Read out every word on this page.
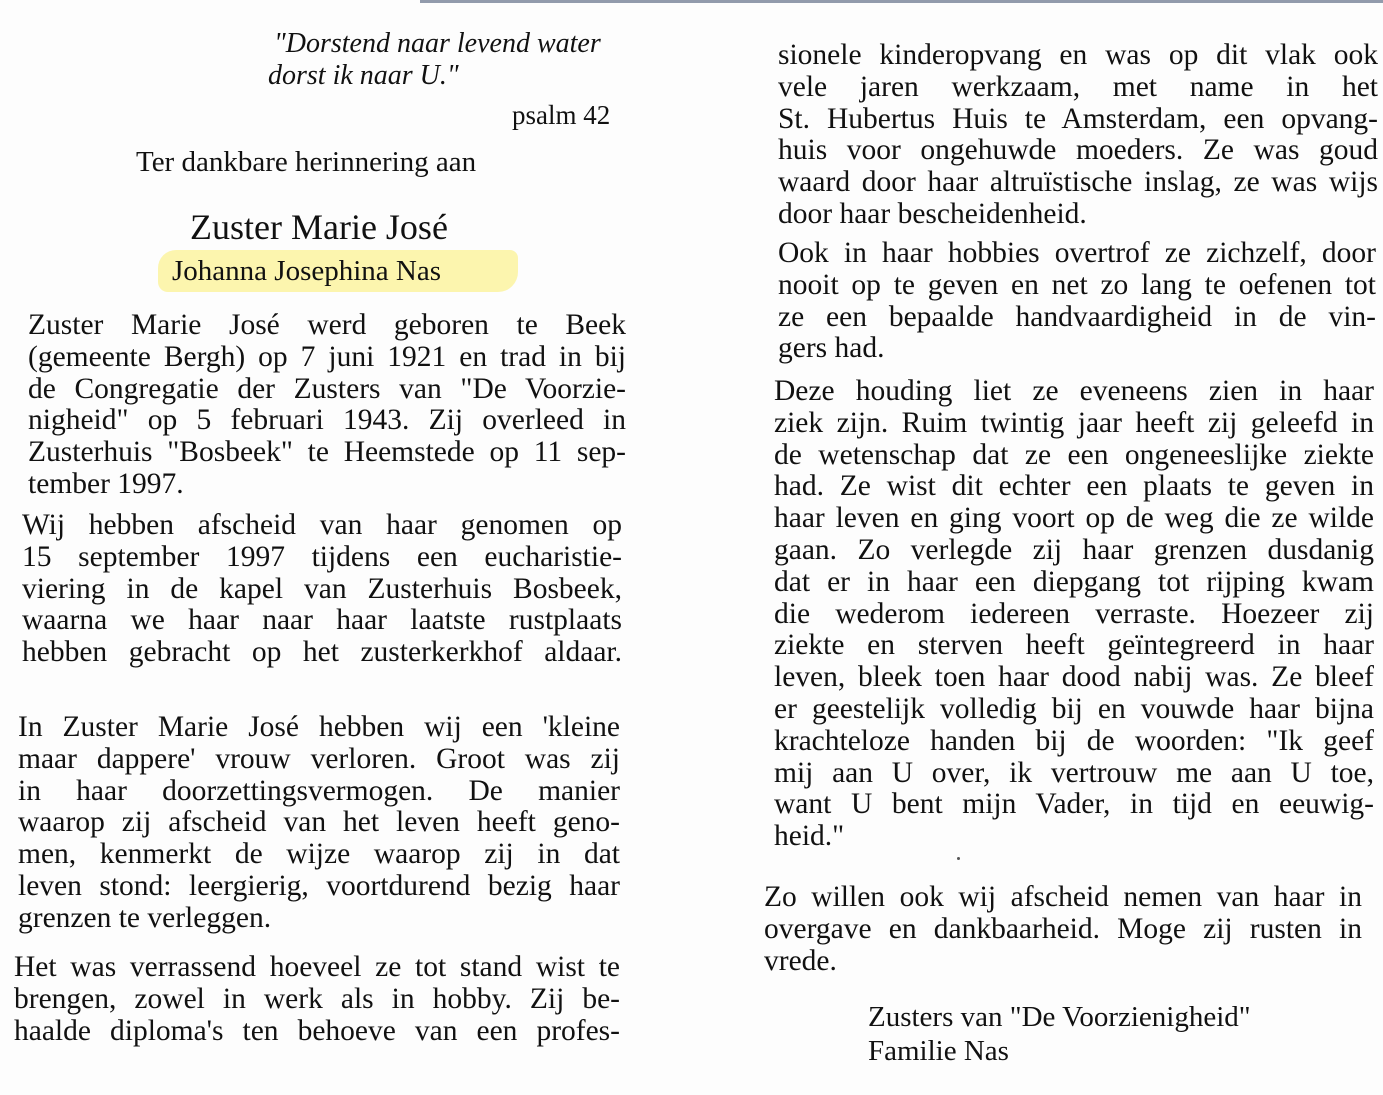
"Dorstend naar levend water
dorst ik naar U."
psalm 42
Ter dankbare herinnering aan
Zuster Marie José
Johanna Josephina Nas
Zuster Marie José werd geboren te Beek
(gemeente Bergh) op 7 juni 1921 en trad in bij
de Congregatie der Zusters van "De Voorzie-
nigheid" op 5 februari 1943. Zij overleed in
Zusterhuis "Bosbeek" te Heemstede op 11 sep-
tember 1997.
Wij hebben afscheid van haar genomen op
15 september 1997 tijdens een eucharistie-
viering in de kapel van Zusterhuis Bosbeek,
waarna we haar naar haar laatste rustplaats
hebben gebracht op het zusterkerkhof aldaar.
In Zuster Marie José hebben wij een 'kleine
maar dappere' vrouw verloren. Groot was zij
in haar doorzettingsvermogen. De manier
waarop zij afscheid van het leven heeft geno-
men, kenmerkt de wijze waarop zij in dat
leven stond: leergierig, voortdurend bezig haar
grenzen te verleggen.
Het was verrassend hoeveel ze tot stand wist te
brengen, zowel in werk als in hobby. Zij be-
haalde diploma's ten behoeve van een profes-
sionele kinderopvang en was op dit vlak ook
vele jaren werkzaam, met name in het
St. Hubertus Huis te Amsterdam, een opvang-
huis voor ongehuwde moeders. Ze was goud
waard door haar altruïstische inslag, ze was wijs
door haar bescheidenheid.
Ook in haar hobbies overtrof ze zichzelf, door
nooit op te geven en net zo lang te oefenen tot
ze een bepaalde handvaardigheid in de vin-
gers had.
Deze houding liet ze eveneens zien in haar
ziek zijn. Ruim twintig jaar heeft zij geleefd in
de wetenschap dat ze een ongeneeslijke ziekte
had. Ze wist dit echter een plaats te geven in
haar leven en ging voort op de weg die ze wilde
gaan. Zo verlegde zij haar grenzen dusdanig
dat er in haar een diepgang tot rijping kwam
die wederom iedereen verraste. Hoezeer zij
ziekte en sterven heeft geïntegreerd in haar
leven, bleek toen haar dood nabij was. Ze bleef
er geestelijk volledig bij en vouwde haar bijna
krachteloze handen bij de woorden: "Ik geef
mij aan U over, ik vertrouw me aan U toe,
want U bent mijn Vader, in tijd en eeuwig-
heid."
Zo willen ook wij afscheid nemen van haar in
overgave en dankbaarheid. Moge zij rusten in
vrede.
Zusters van "De Voorzienigheid"
Familie Nas
